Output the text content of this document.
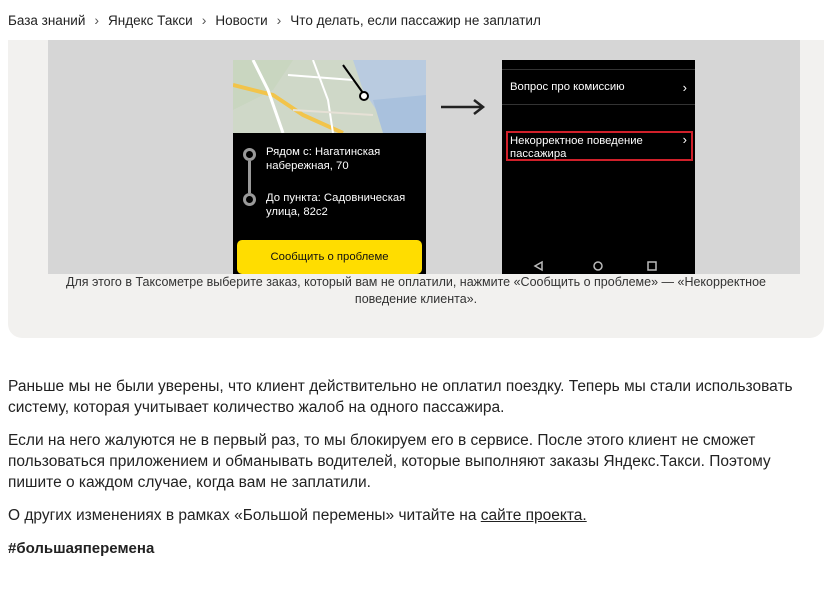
База знаний › Яндекс Такси › Новости › Что делать, если пассажир не заплатил
Рядом с: Нагатинская набережная, 70
До пункта: Садовническая улица, 82с2
Сообщить о проблеме
Вопрос про комиссию	›
Некорректное поведение пассажира
›
Для этого в Таксометре выберите заказ, который вам не оплатили, нажмите «Сообщить о проблеме» — «Некорректное поведение клиента».

Раньше мы не были уверены, что клиент действительно не оплатил поездку. Теперь мы стали использовать систему, которая учитывает количество жалоб на одного пассажира.

Если на него жалуются не в первый раз, то мы блокируем его в сервисе. После этого клиент не сможет пользоваться приложением и обманывать водителей, которые выполняют заказы Яндекс.Такси. Поэтому пишите о каждом случае, когда вам не заплатили.

О других изменениях в рамках «Большой перемены» читайте на сайте проекта.

#большаяперемена
